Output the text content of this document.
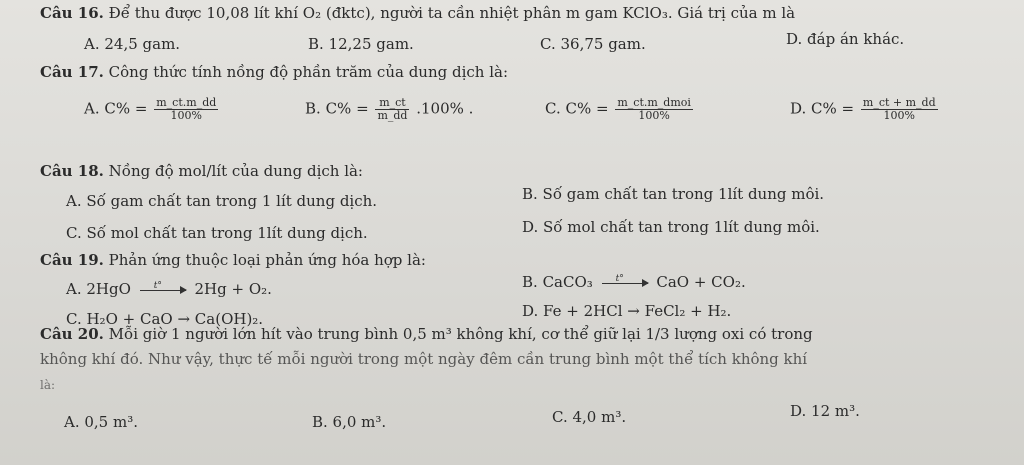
Câu 16. Để thu được 10,08 lít khí O₂ (đktc), người ta cần nhiệt phân m gam KClO₃. Giá trị của m là
A. 24,5 gam.	B. 12,25 gam.	C. 36,75 gam.	D. đáp án khác.
Câu 17. Công thức tính nồng độ phần trăm của dung dịch là:
A. $C\% = \frac{m\_ct.m\_dd}{100\%}$	B. $C\% = \frac{m\_ct}{m\_dd} .100\%$ .	C. $C\% = \frac{\text{m\_ct.m\_dmoi}}{100\%}$	D. $C\% = \frac{m\_ct + m\_dd}{100\%}$
Câu 18. Nồng độ mol/lít của dung dịch là:
A. Số gam chất tan trong 1 lít dung dịch.	B. Số gam chất tan trong 1lít dung môi.
C. Số mol chất tan trong 1lít dung dịch.	D. Số mol chất tan trong 1lít dung môi.
Câu 19. Phản ứng thuộc loại phản ứng hóa hợp là:
A. 2HgO	t° 2Hg + O₂.	B. CaCO₃	t° CaO + CO₂.
C. H₂O + CaO → Ca(OH)₂.	D. Fe + 2HCl → FeCl₂ + H₂.
Câu 20. Mỗi giờ 1 người lớn hít vào trung bình 0,5 m³ không khí, cơ thể giữ lại 1/3 lượng oxi có trong
không khí đó. Như vậy, thực tế mỗi người trong một ngày đêm cần trung bình một thể tích không khí
là:
A. 0,5 m³.	B. 6,0 m³.	C. 4,0 m³.	D. 12 m³.
